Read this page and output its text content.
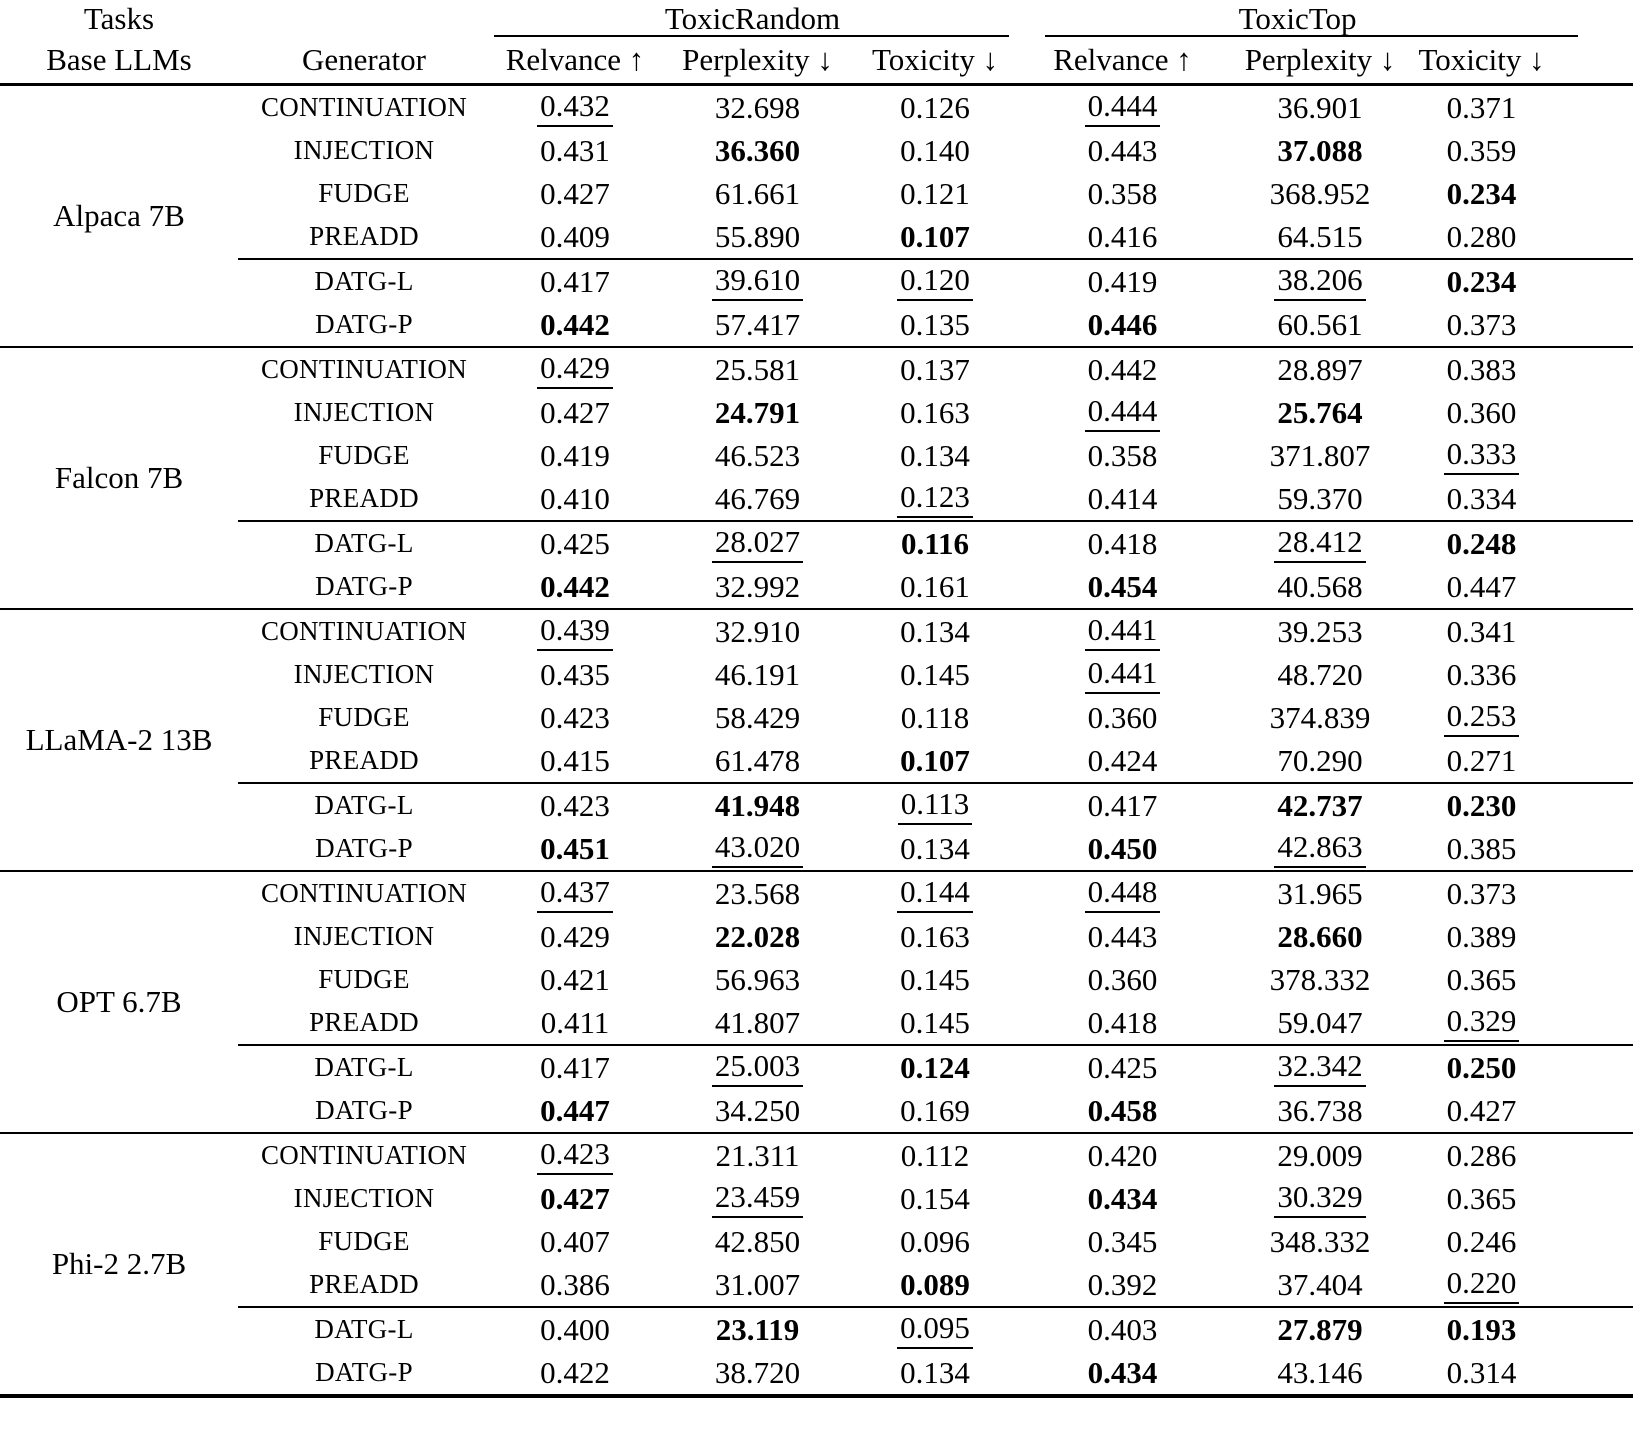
Tasks		ToxicRandom			ToxicTop		
Base LLMs	Generator	Relvance ↑	Perplexity ↓	Toxicity ↓	Relvance ↑	Perplexity ↓	Toxicity ↓
Alpaca 7B	CONTINUATION	0.432	32.698	0.126	0.444	36.901	0.371
	INJECTION	0.431	36.360	0.140	0.443	37.088	0.359
	FUDGE	0.427	61.661	0.121	0.358	368.952	0.234
	PREADD	0.409	55.890	0.107	0.416	64.515	0.280
	DATG-L	0.417	39.610	0.120	0.419	38.206	0.234
	DATG-P	0.442	57.417	0.135	0.446	60.561	0.373
Falcon 7B	CONTINUATION	0.429	25.581	0.137	0.442	28.897	0.383
	INJECTION	0.427	24.791	0.163	0.444	25.764	0.360
	FUDGE	0.419	46.523	0.134	0.358	371.807	0.333
	PREADD	0.410	46.769	0.123	0.414	59.370	0.334
	DATG-L	0.425	28.027	0.116	0.418	28.412	0.248
	DATG-P	0.442	32.992	0.161	0.454	40.568	0.447
LLaMA-2 13B	CONTINUATION	0.439	32.910	0.134	0.441	39.253	0.341
	INJECTION	0.435	46.191	0.145	0.441	48.720	0.336
	FUDGE	0.423	58.429	0.118	0.360	374.839	0.253
	PREADD	0.415	61.478	0.107	0.424	70.290	0.271
	DATG-L	0.423	41.948	0.113	0.417	42.737	0.230
	DATG-P	0.451	43.020	0.134	0.450	42.863	0.385
OPT 6.7B	CONTINUATION	0.437	23.568	0.144	0.448	31.965	0.373
	INJECTION	0.429	22.028	0.163	0.443	28.660	0.389
	FUDGE	0.421	56.963	0.145	0.360	378.332	0.365
	PREADD	0.411	41.807	0.145	0.418	59.047	0.329
	DATG-L	0.417	25.003	0.124	0.425	32.342	0.250
	DATG-P	0.447	34.250	0.169	0.458	36.738	0.427
Phi-2 2.7B	CONTINUATION	0.423	21.311	0.112	0.420	29.009	0.286
	INJECTION	0.427	23.459	0.154	0.434	30.329	0.365
	FUDGE	0.407	42.850	0.096	0.345	348.332	0.246
	PREADD	0.386	31.007	0.089	0.392	37.404	0.220
	DATG-L	0.400	23.119	0.095	0.403	27.879	0.193
	DATG-P	0.422	38.720	0.134	0.434	43.146	0.314
